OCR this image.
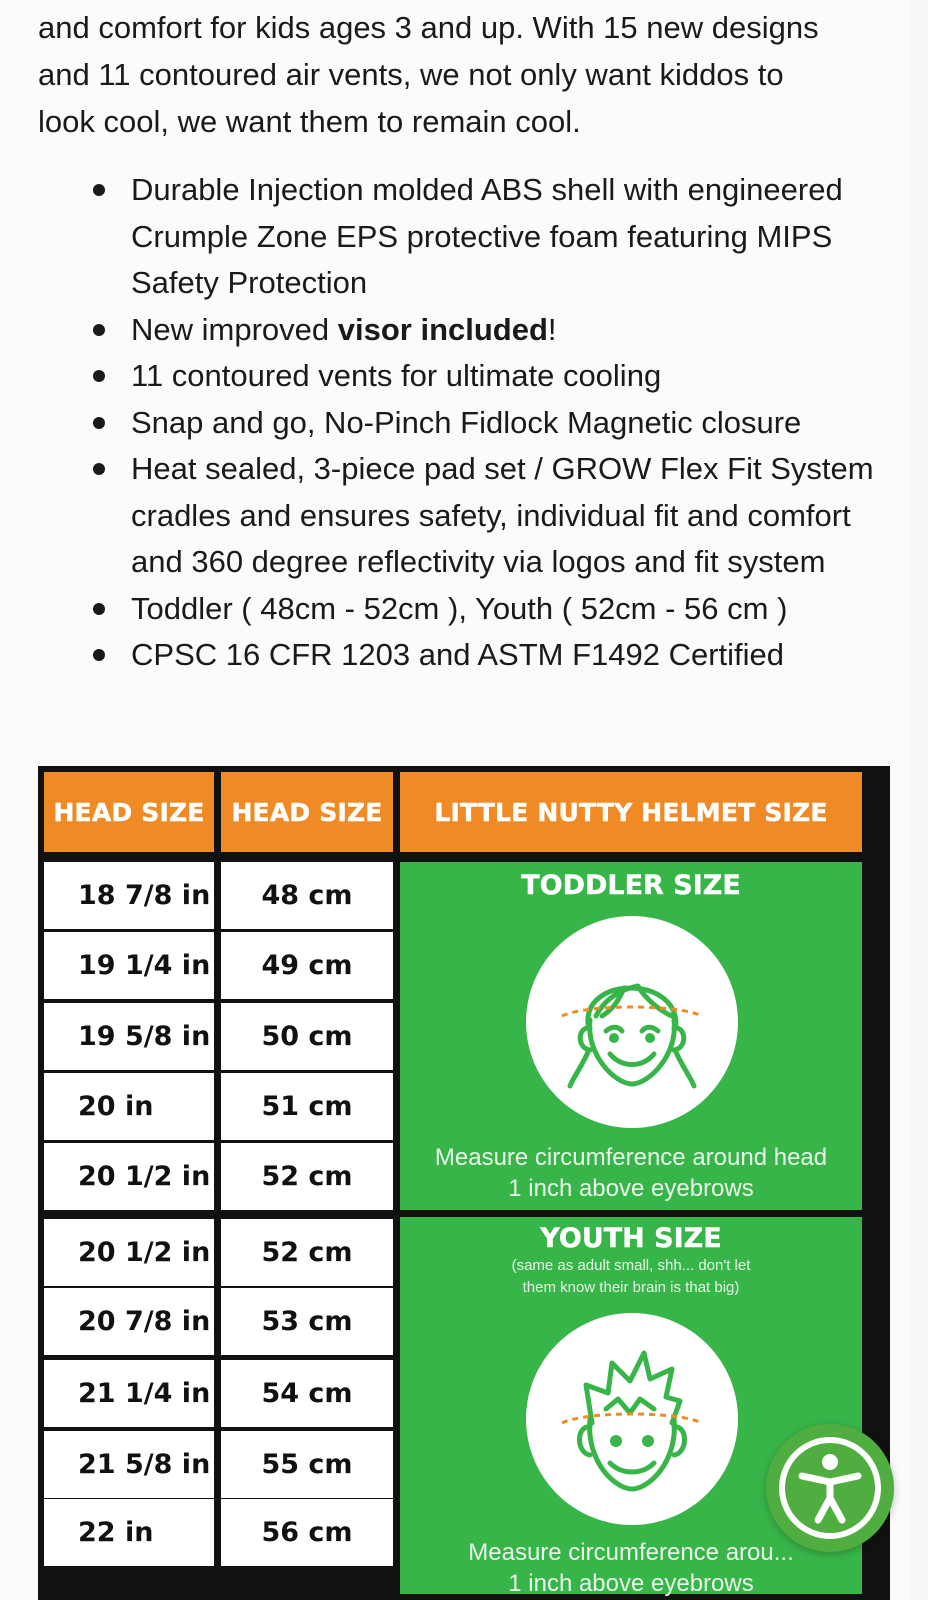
and comfort for kids ages 3 and up. With 15 new designs
and 11 contoured air vents, we not only want kiddos to
look cool, we want them to remain cool.

Durable Injection molded ABS shell with engineered Crumple Zone EPS protective foam featuring MIPS Safety Protection
New improved visor included!
11 contoured vents for ultimate cooling
Snap and go, No-Pinch Fidlock Magnetic closure
Heat sealed, 3-piece pad set / GROW Flex Fit System cradles and ensures safety, individual fit and comfort and 360 degree reflectivity via logos and fit system
Toddler ( 48cm - 52cm ), Youth ( 52cm - 56 cm )
CPSC 16 CFR 1203 and ASTM F1492 Certified
HEAD SIZE	HEAD SIZE	LITTLE NUTTY HELMET SIZE
18 7/8 in	48 cm
19 1/4 in	49 cm
19 5/8 in	50 cm
20 in	51 cm
20 1/2 in	52 cm
20 1/2 in	52 cm
20 7/8 in	53 cm
21 1/4 in	54 cm
21 5/8 in	55 cm
22 in	56 cm
TODDLER SIZE
Measure circumference around head
1 inch above eyebrows
YOUTH SIZE
(same as adult small, shh... don't let
them know their brain is that big)
Measure circumference arou...
1 inch above eyebrows
